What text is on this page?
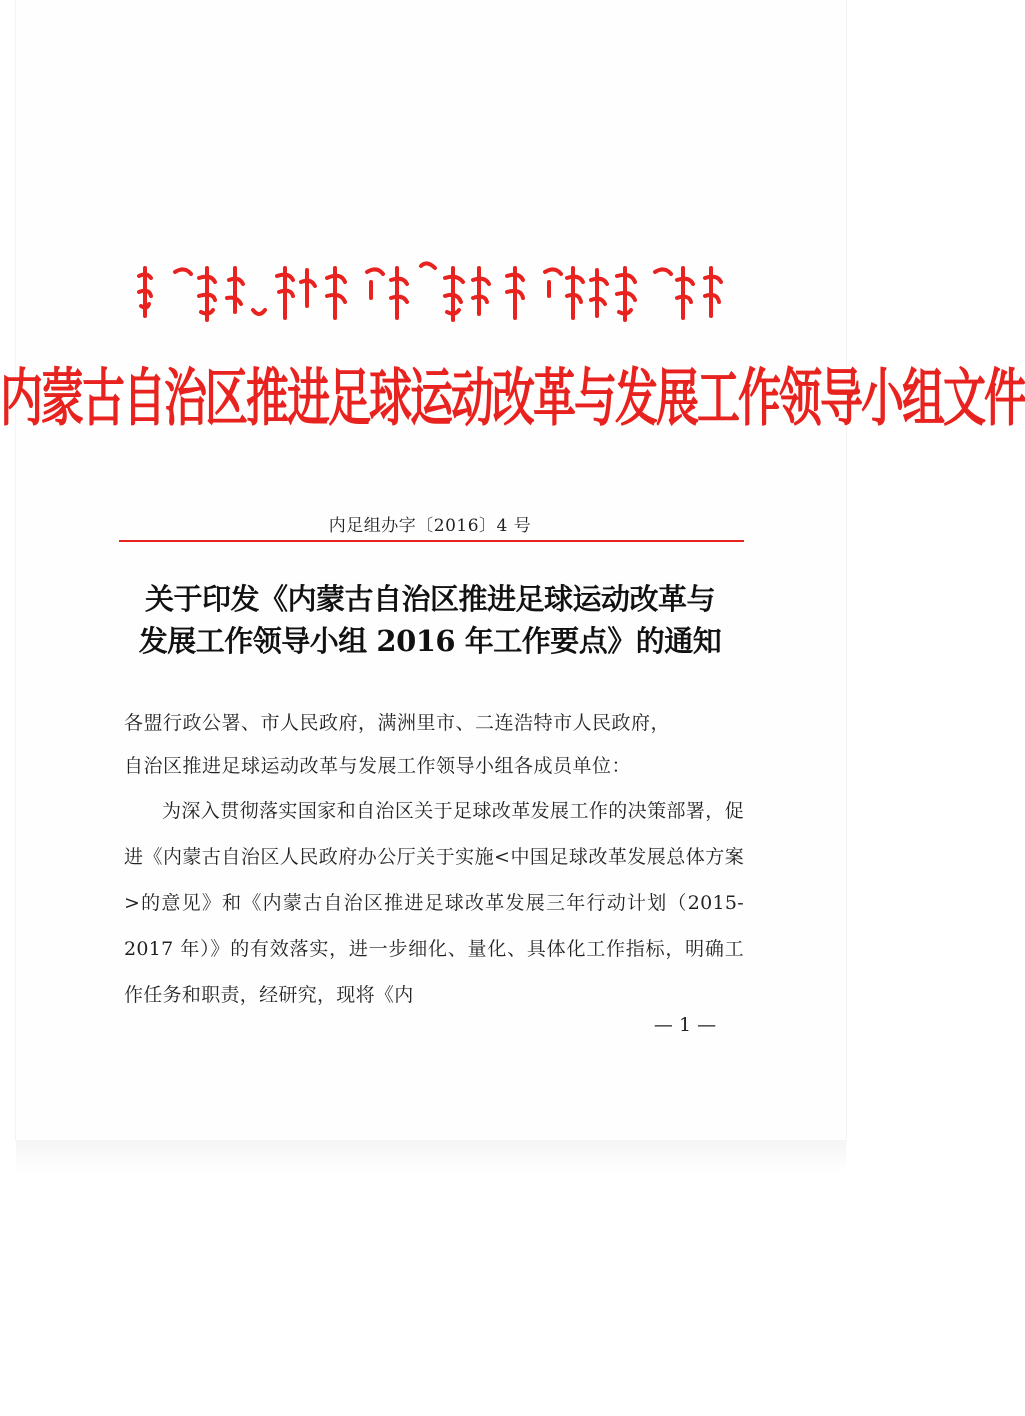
内蒙古自治区推进足球运动改革与发展工作领导小组文件
内足组办字〔2016〕4 号
关于印发《内蒙古自治区推进足球运动改革与
发展工作领导小组 2016 年工作要点》的通知
各盟行政公署、市人民政府，满洲里市、二连浩特市人民政府，
自治区推进足球运动改革与发展工作领导小组各成员单位：
为深入贯彻落实国家和自治区关于足球改革发展工作的决策部署，促进《内蒙古自治区人民政府办公厅关于实施<中国足球改革发展总体方案>的意见》和《内蒙古自治区推进足球改革发展三年行动计划（2015-2017 年）》的有效落实，进一步细化、量化、具体化工作指标，明确工作任务和职责，经研究，现将《内
— 1 —
